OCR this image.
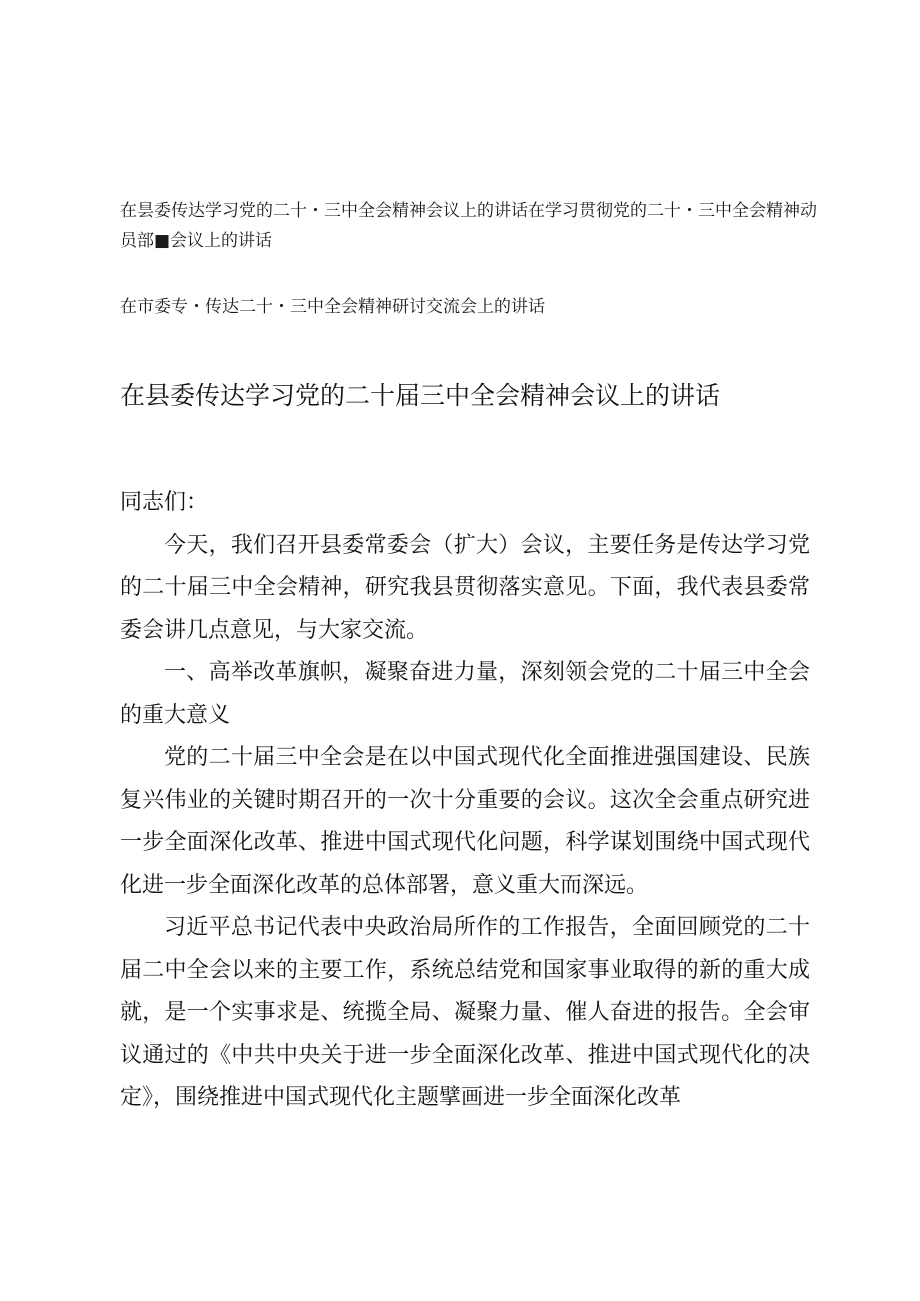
在昙委传达学习党的二十・三中全会精神会议上的讲话在学习贯彻党的二十・三中全会精神动员部■会议上的讲话
在市委专・传达二十・三中全会精神研讨交流会上的讲话
在县委传达学习党的二十届三中全会精神会议上的讲话

同志们：

今天，我们召开县委常委会（扩大）会议，主要任务是传达学习党的二十届三中全会精神，研究我县贯彻落实意见。下面，我代表县委常委会讲几点意见，与大家交流。

一、高举改革旗帜，凝聚奋进力量，深刻领会党的二十届三中全会的重大意义

党的二十届三中全会是在以中国式现代化全面推进强国建设、民族复兴伟业的关键时期召开的一次十分重要的会议。这次全会重点研究进一步全面深化改革、推进中国式现代化问题，科学谋划围绕中国式现代化进一步全面深化改革的总体部署，意义重大而深远。

习近平总书记代表中央政治局所作的工作报告，全面回顾党的二十届二中全会以来的主要工作，系统总结党和国家事业取得的新的重大成就，是一个实事求是、统揽全局、凝聚力量、催人奋进的报告。全会审议通过的《中共中央关于进一步全面深化改革、推进中国式现代化的决定》，围绕推进中国式现代化主题擘画进一步全面深化改革
